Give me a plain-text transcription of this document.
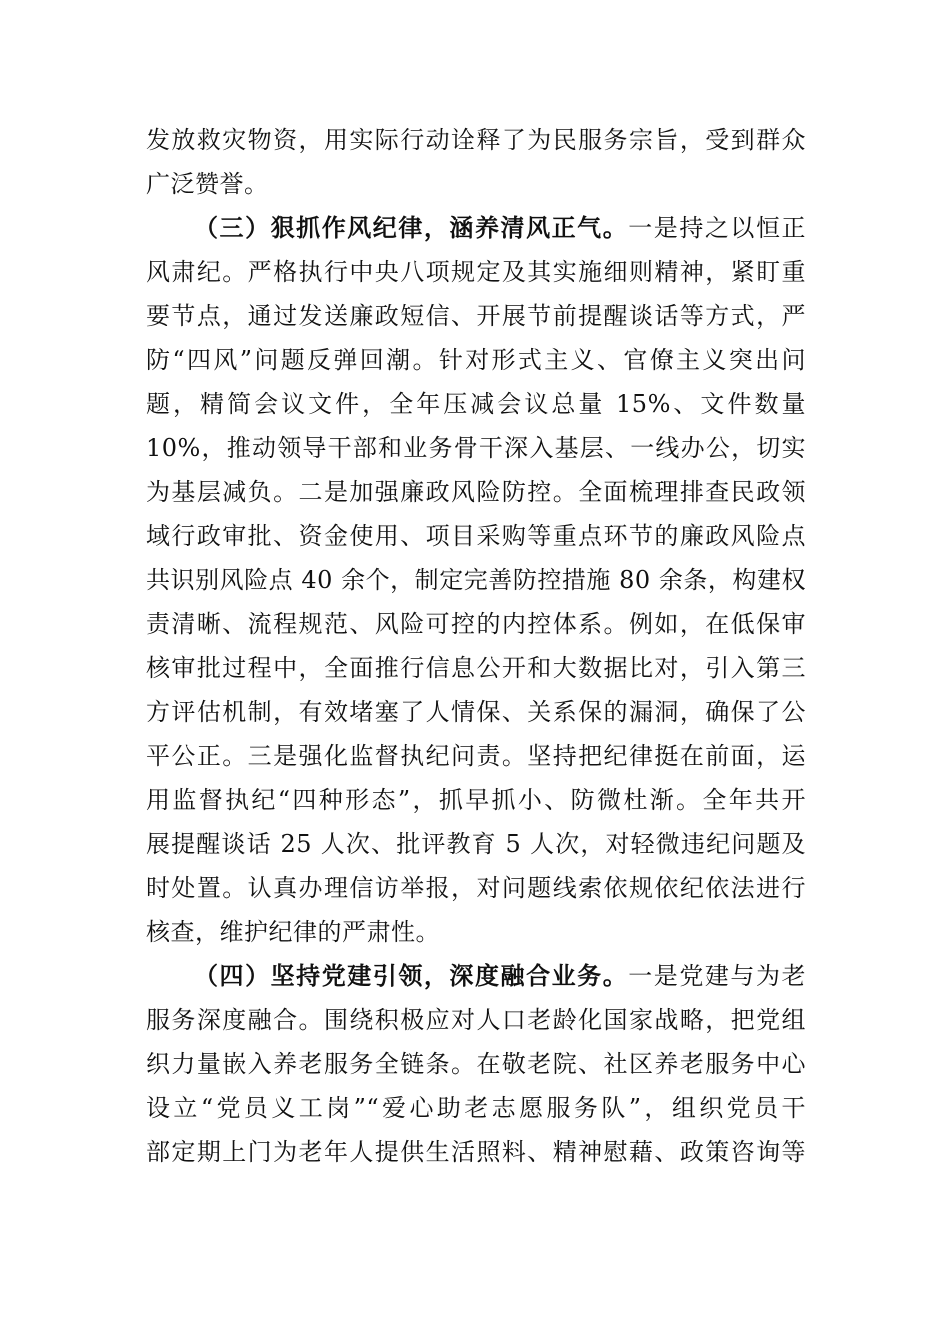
发放救灾物资，用实际行动诠释了为民服务宗旨，受到群众
广泛赞誉。
（三）狠抓作风纪律，涵养清风正气。一是持之以恒正
风肃纪。严格执行中央八项规定及其实施细则精神，紧盯重
要节点，通过发送廉政短信、开展节前提醒谈话等方式，严
防“四风”问题反弹回潮。针对形式主义、官僚主义突出问
题，精简会议文件，全年压减会议总量 15%、文件数量
10%，推动领导干部和业务骨干深入基层、一线办公，切实
为基层减负。二是加强廉政风险防控。全面梳理排查民政领
域行政审批、资金使用、项目采购等重点环节的廉政风险点
共识别风险点 40 余个，制定完善防控措施 80 余条，构建权
责清晰、流程规范、风险可控的内控体系。例如，在低保审
核审批过程中，全面推行信息公开和大数据比对，引入第三
方评估机制，有效堵塞了人情保、关系保的漏洞，确保了公
平公正。三是强化监督执纪问责。坚持把纪律挺在前面，运
用监督执纪“四种形态”，抓早抓小、防微杜渐。全年共开
展提醒谈话 25 人次、批评教育 5 人次，对轻微违纪问题及
时处置。认真办理信访举报，对问题线索依规依纪依法进行
核查，维护纪律的严肃性。
（四）坚持党建引领，深度融合业务。一是党建与为老
服务深度融合。围绕积极应对人口老龄化国家战略，把党组
织力量嵌入养老服务全链条。在敬老院、社区养老服务中心
设立“党员义工岗”“爱心助老志愿服务队”，组织党员干
部定期上门为老年人提供生活照料、精神慰藉、政策咨询等
